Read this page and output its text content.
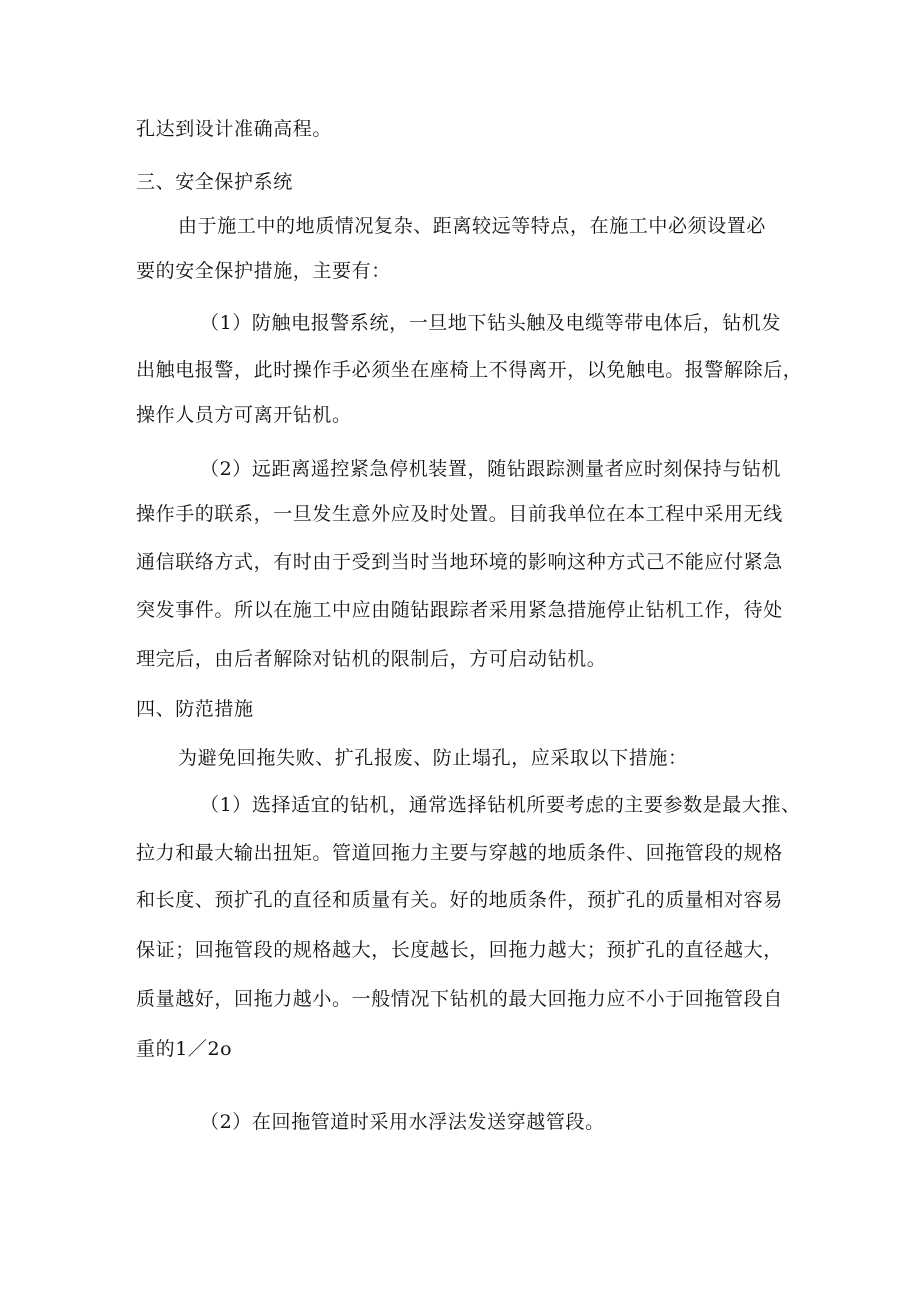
孔达到设计准确高程。
三、安全保护系统
由于施工中的地质情况复杂、距离较远等特点，在施工中必须设置必
要的安全保护措施，主要有：
（1）防触电报警系统，一旦地下钻头触及电缆等带电体后，钻机发
出触电报警，此时操作手必须坐在座椅上不得离开，以免触电。报警解除后，
操作人员方可离开钻机。
（2）远距离遥控紧急停机装置，随钻跟踪测量者应时刻保持与钻机
操作手的联系，一旦发生意外应及时处置。目前我单位在本工程中采用无线
通信联络方式，有时由于受到当时当地环境的影响这种方式己不能应付紧急
突发事件。所以在施工中应由随钻跟踪者采用紧急措施停止钻机工作，待处
理完后，由后者解除对钻机的限制后，方可启动钻机。
四、防范措施
为避免回拖失败、扩孔报废、防止塌孔，应采取以下措施：
（1）选择适宜的钻机，通常选择钻机所要考虑的主要参数是最大推、
拉力和最大输出扭矩。管道回拖力主要与穿越的地质条件、回拖管段的规格
和长度、预扩孔的直径和质量有关。好的地质条件，预扩孔的质量相对容易
保证；回拖管段的规格越大，长度越长，回拖力越大；预扩孔的直径越大，
质量越好，回拖力越小。一般情况下钻机的最大回拖力应不小于回拖管段自
重的1／2o
（2）在回拖管道时采用水浮法发送穿越管段。
